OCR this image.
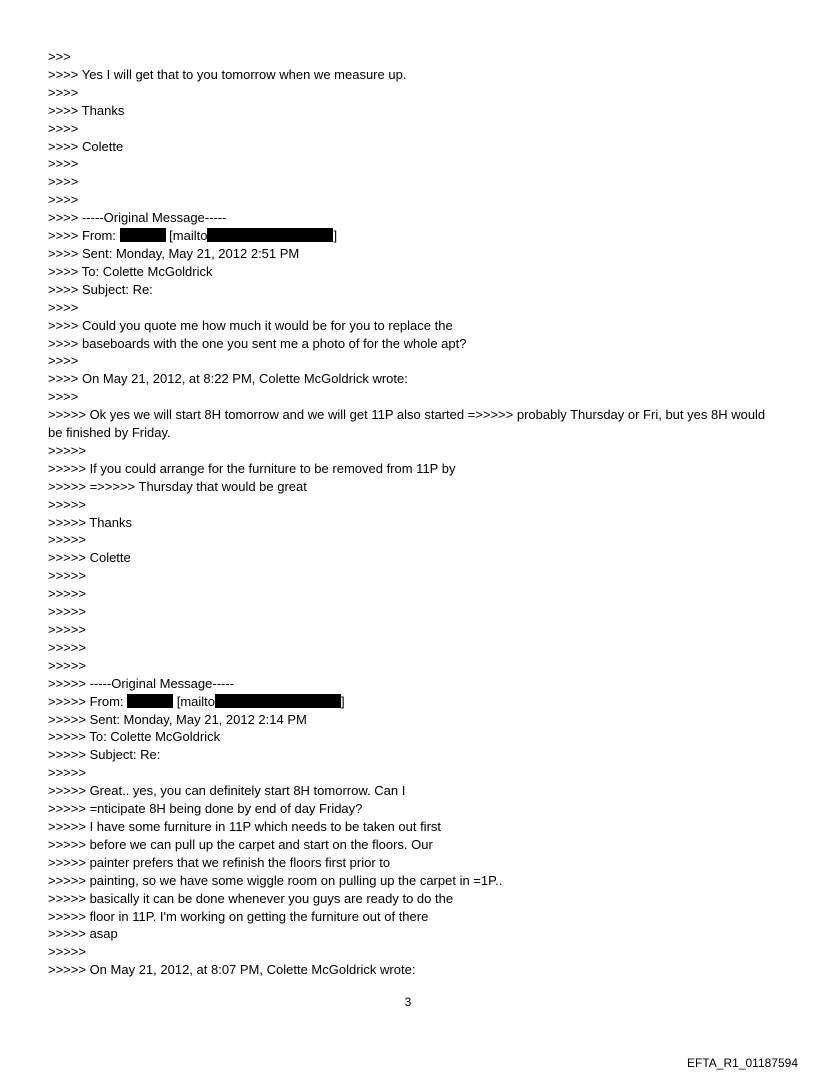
>>>

>>>> Yes I will get that to you tomorrow when we measure up.

>>>>

>>>> Thanks

>>>>

>>>> Colette

>>>>

>>>>

>>>>

>>>> -----Original Message-----

>>>> From:	[mailto	]

>>>> Sent: Monday, May 21, 2012 2:51 PM

>>>> To: Colette McGoldrick

>>>> Subject: Re:

>>>>

>>>> Could you quote me how much it would be for you to replace the

>>>> baseboards with the one you sent me a photo of for the whole apt?

>>>>

>>>> On May 21, 2012, at 8:22 PM, Colette McGoldrick wrote:

>>>>

>>>>> Ok yes we will start 8H tomorrow and we will get 11P also started =>>>>> probably Thursday or Fri, but yes 8H would be finished by Friday.

>>>>>

>>>>> If you could arrange for the furniture to be removed from 11P by

>>>>> =>>>>> Thursday that would be great

>>>>>

>>>>> Thanks

>>>>>

>>>>> Colette

>>>>>

>>>>>

>>>>>

>>>>>

>>>>>

>>>>>

>>>>> -----Original Message-----

>>>>> From:	[mailto	]

>>>>> Sent: Monday, May 21, 2012 2:14 PM

>>>>> To: Colette McGoldrick

>>>>> Subject: Re:

>>>>>

>>>>> Great.. yes, you can definitely start 8H tomorrow. Can I

>>>>> =nticipate 8H being done by end of day Friday?

>>>>> I have some furniture in 11P which needs to be taken out first

>>>>> before we can pull up the carpet and start on the floors. Our

>>>>> painter prefers that we refinish the floors first prior to

>>>>> painting, so we have some wiggle room on pulling up the carpet in =1P..

>>>>> basically it can be done whenever you guys are ready to do the

>>>>> floor in 11P. I'm working on getting the furniture out of there

>>>>> asap

>>>>>

>>>>> On May 21, 2012, at 8:07 PM, Colette McGoldrick wrote:

3
EFTA_R1_01187594
